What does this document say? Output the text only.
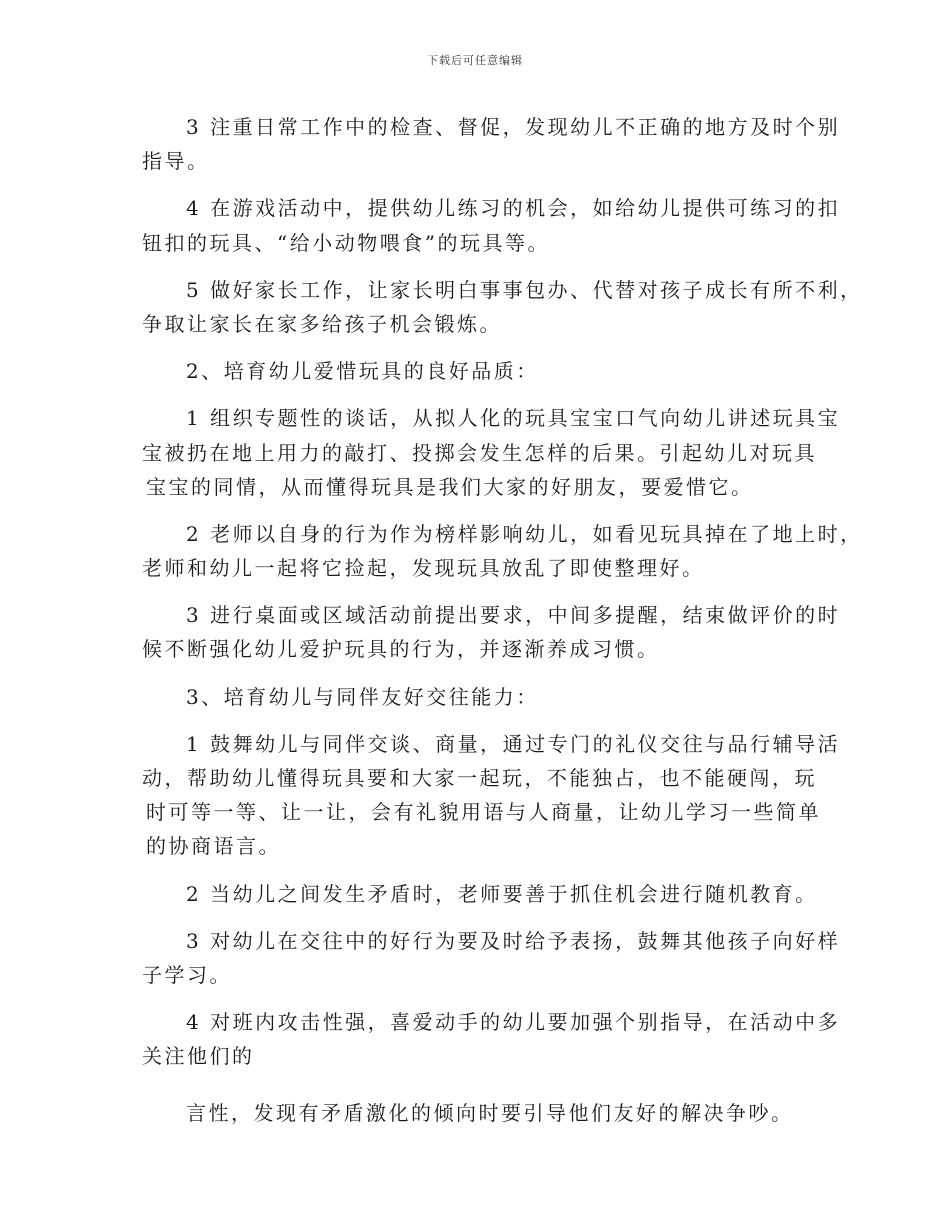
下载后可任意编辑
3 注重日常工作中的检查、督促，发现幼儿不正确的地方及时个别
指导。
4 在游戏活动中，提供幼儿练习的机会，如给幼儿提供可练习的扣
钮扣的玩具、“给小动物喂食”的玩具等。
5 做好家长工作，让家长明白事事包办、代替对孩子成长有所不利，
争取让家长在家多给孩子机会锻炼。
2、培育幼儿爱惜玩具的良好品质：
1 组织专题性的谈话，从拟人化的玩具宝宝口气向幼儿讲述玩具宝
宝被扔在地上用力的敲打、投掷会发生怎样的后果。引起幼儿对玩具
宝宝的同情，从而懂得玩具是我们大家的好朋友，要爱惜它。
2 老师以自身的行为作为榜样影响幼儿，如看见玩具掉在了地上时，
老师和幼儿一起将它捡起，发现玩具放乱了即使整理好。
3 进行桌面或区域活动前提出要求，中间多提醒，结束做评价的时
候不断强化幼儿爱护玩具的行为，并逐渐养成习惯。
3、培育幼儿与同伴友好交往能力：
1 鼓舞幼儿与同伴交谈、商量，通过专门的礼仪交往与品行辅导活
动，帮助幼儿懂得玩具要和大家一起玩，不能独占，也不能硬闯，玩
时可等一等、让一让，会有礼貌用语与人商量，让幼儿学习一些简单
的协商语言。
2 当幼儿之间发生矛盾时，老师要善于抓住机会进行随机教育。
3 对幼儿在交往中的好行为要及时给予表扬，鼓舞其他孩子向好样
子学习。
4 对班内攻击性强，喜爱动手的幼儿要加强个别指导，在活动中多
关注他们的
言性，发现有矛盾激化的倾向时要引导他们友好的解决争吵。
